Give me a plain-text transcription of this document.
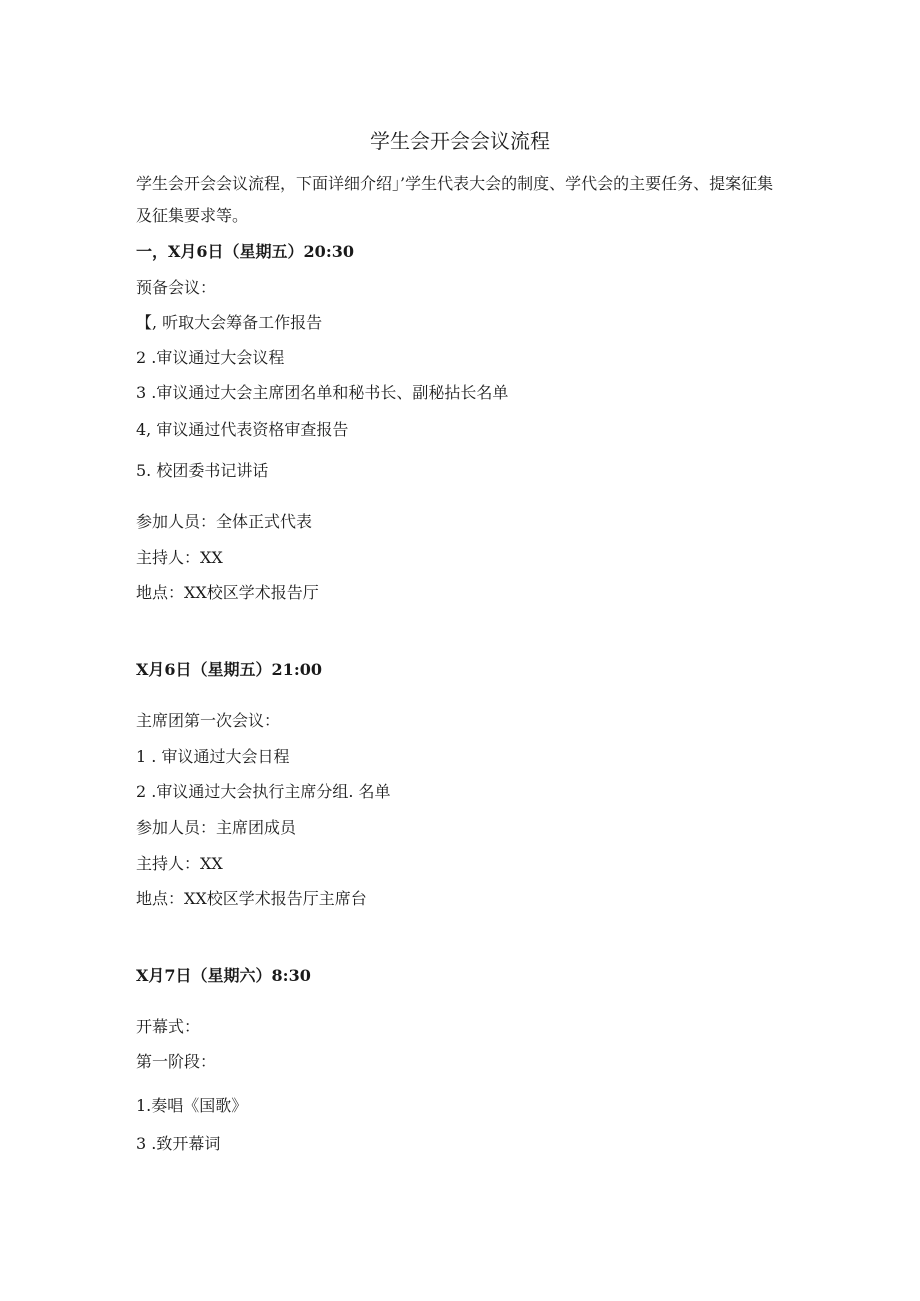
学生会开会会议流程
学生会开会会议流程，下面详细介绍」’学生代表大会的制度、学代会的主要任务、提案征集及征集要求等。
一，X月6日（星期五）20:30
预备会议：
【, 听取大会筹备工作报告
2 .审议通过大会议程
3 .审议通过大会主席团名单和秘书长、副秘拈长名单
4, 审议通过代表资格审查报告
5. 校团委书记讲话
参加人员：全体正式代表
主持人：XX
地点：XX校区学术报告厅
X月6日（星期五）21:00
主席团第一次会议：
1 . 审议通过大会日程
2 .审议通过大会执行主席分组. 名单
参加人员：主席团成员
主持人：XX
地点：XX校区学术报告厅主席台
X月7日（星期六）8:30
开幕式：
第一阶段：
1.奏唱《国歌》
3 .致开幕词
